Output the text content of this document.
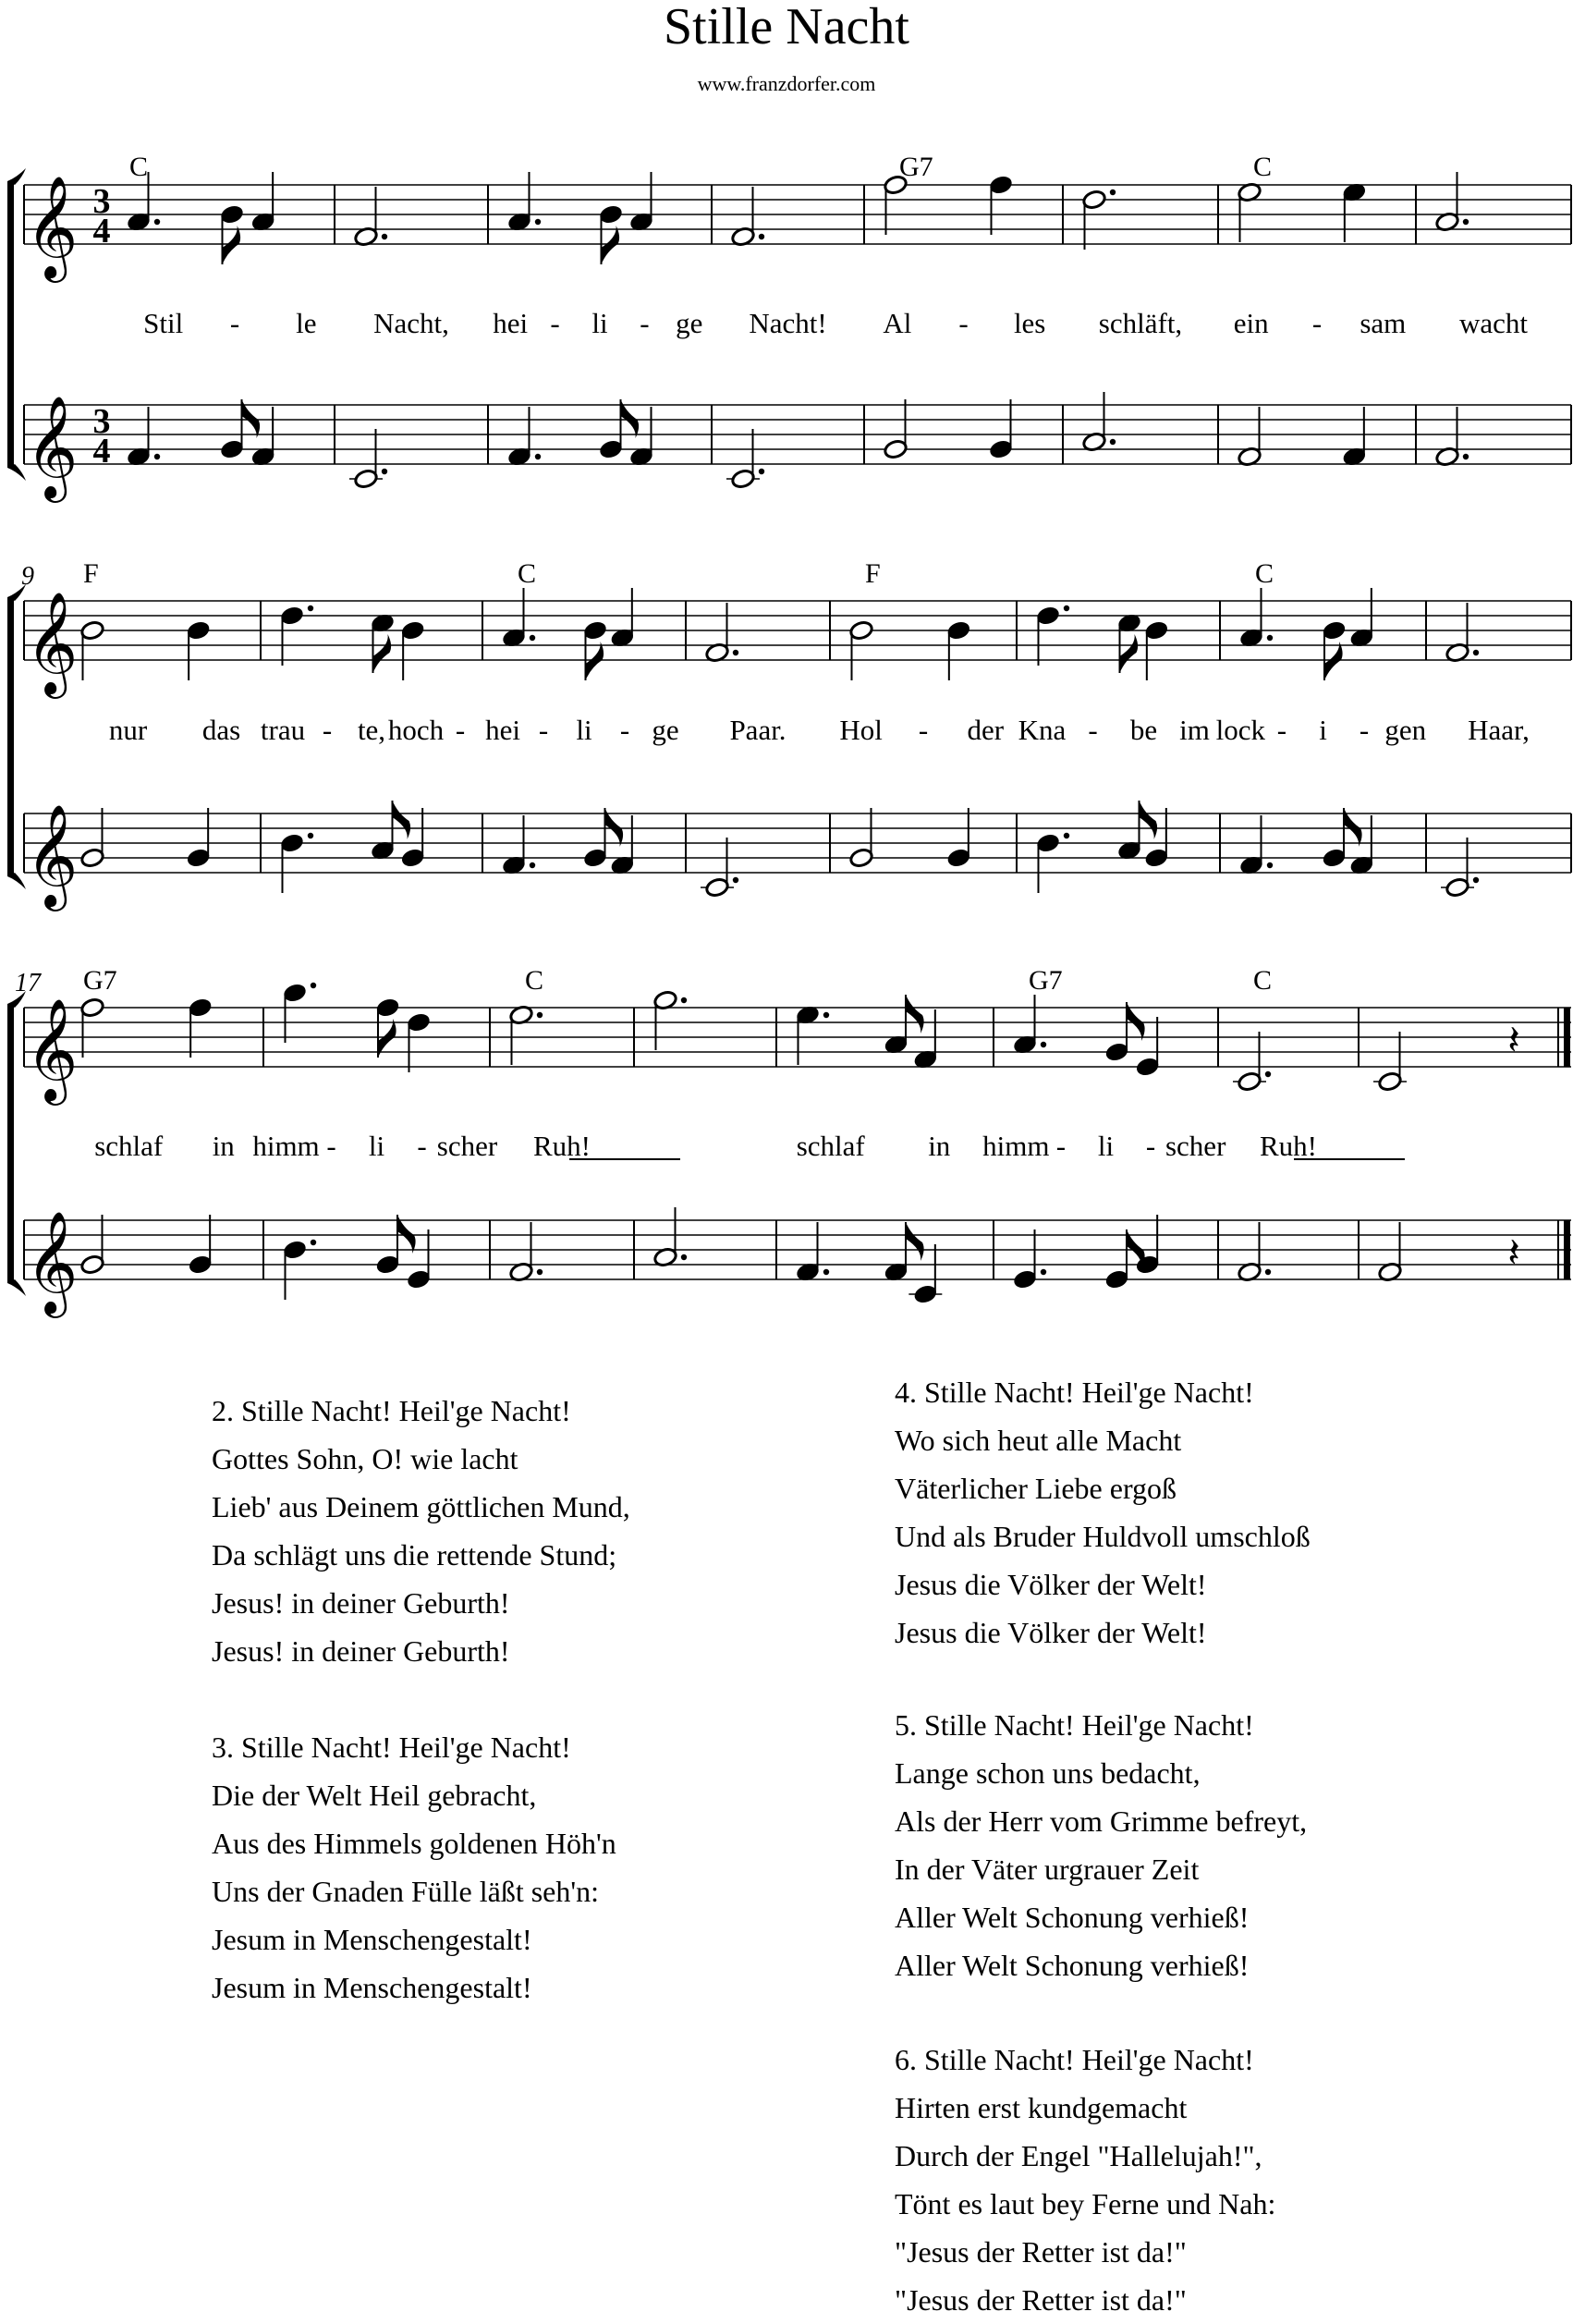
Stille Nacht
www.franzdorfer.com
𝄞 3
4
𝄞 3
4
C	G7	C
Stil - le Nacht, hei - li - ge Nacht! Al - les schläft, ein - sam wacht
𝄞
𝄞
9 F	C	F	C
nur das trau - te, hoch - hei - li - ge Paar. Hol - der Kna - be im lock - i - gen Haar,
𝄞	𝄽
𝄞	𝄽
17 G7	C	G7	C
schlaf in himm - li - scher Ruh!	schlaf in himm - li - scher Ruh!
2. Stille Nacht! Heil'ge Nacht!
Gottes Sohn, O! wie lacht
Lieb' aus Deinem göttlichen Mund,
Da schlägt uns die rettende Stund;
Jesus! in deiner Geburth!
Jesus! in deiner Geburth!
3. Stille Nacht! Heil'ge Nacht!
Die der Welt Heil gebracht,
Aus des Himmels goldenen Höh'n
Uns der Gnaden Fülle läßt seh'n:
Jesum in Menschengestalt!
Jesum in Menschengestalt!
4. Stille Nacht! Heil'ge Nacht!
Wo sich heut alle Macht
Väterlicher Liebe ergoß
Und als Bruder Huldvoll umschloß
Jesus die Völker der Welt!
Jesus die Völker der Welt!
5. Stille Nacht! Heil'ge Nacht!
Lange schon uns bedacht,
Als der Herr vom Grimme befreyt,
In der Väter urgrauer Zeit
Aller Welt Schonung verhieß!
Aller Welt Schonung verhieß!
6. Stille Nacht! Heil'ge Nacht!
Hirten erst kundgemacht
Durch der Engel "Hallelujah!",
Tönt es laut bey Ferne und Nah:
"Jesus der Retter ist da!"
"Jesus der Retter ist da!"
